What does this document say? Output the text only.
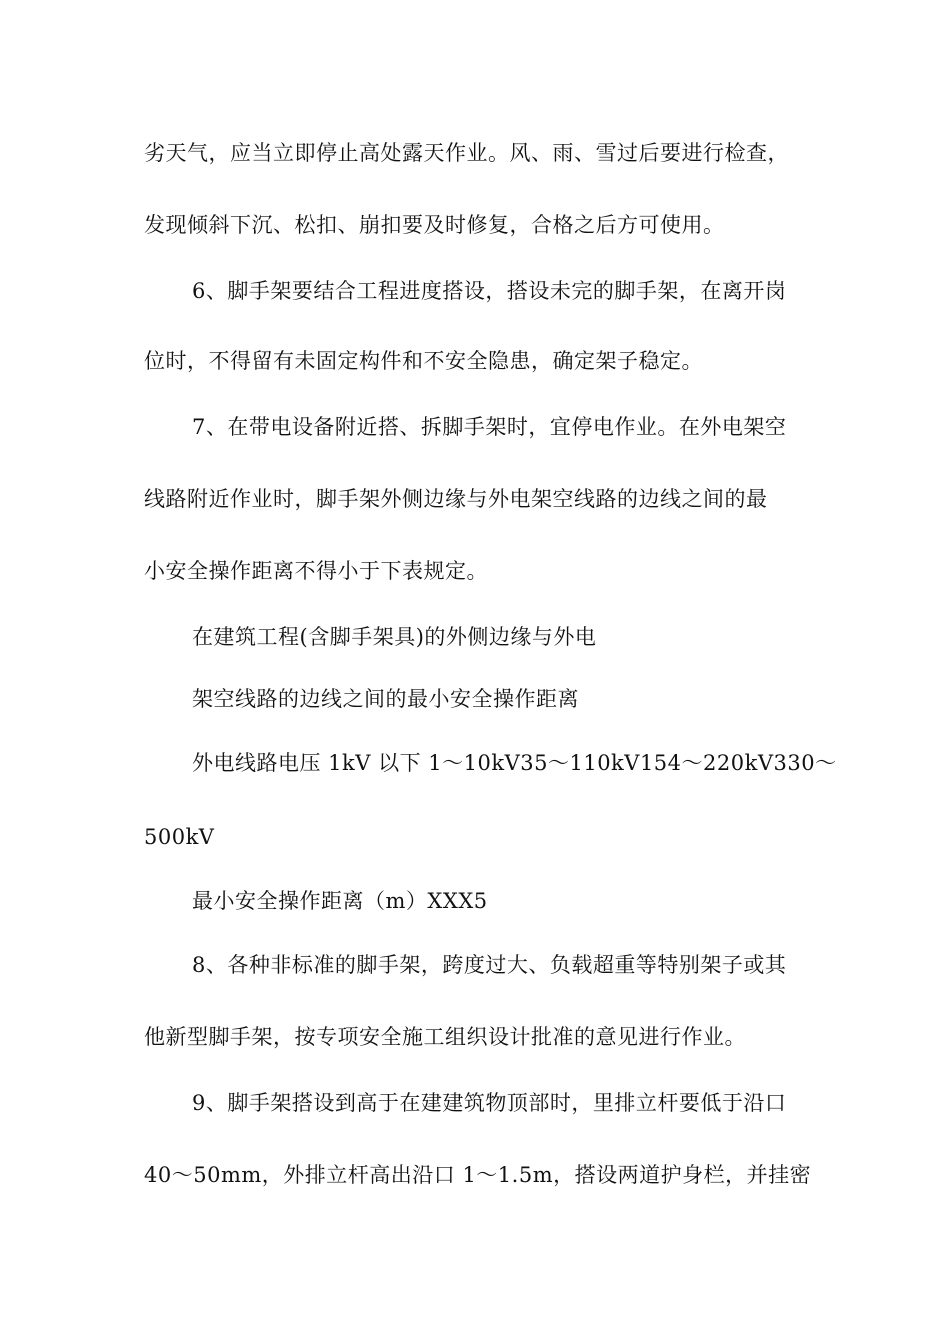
劣天气，应当立即停止高处露天作业。风、雨、雪过后要进行检查，
发现倾斜下沉、松扣、崩扣要及时修复，合格之后方可使用。
6、脚手架要结合工程进度搭设，搭设未完的脚手架，在离开岗
位时，不得留有未固定构件和不安全隐患，确定架子稳定。
7、在带电设备附近搭、拆脚手架时，宜停电作业。在外电架空
线路附近作业时，脚手架外侧边缘与外电架空线路的边线之间的最
小安全操作距离不得小于下表规定。
在建筑工程(含脚手架具)的外侧边缘与外电
架空线路的边线之间的最小安全操作距离
外电线路电压 1kV 以下 1～10kV35～110kV154～220kV330～
500kV
最小安全操作距离（m）XXX5
8、各种非标准的脚手架，跨度过大、负载超重等特别架子或其
他新型脚手架，按专项安全施工组织设计批准的意见进行作业。
9、脚手架搭设到高于在建建筑物顶部时，里排立杆要低于沿口
40～50mm，外排立杆高出沿口 1～1.5m，搭设两道护身栏，并挂密
